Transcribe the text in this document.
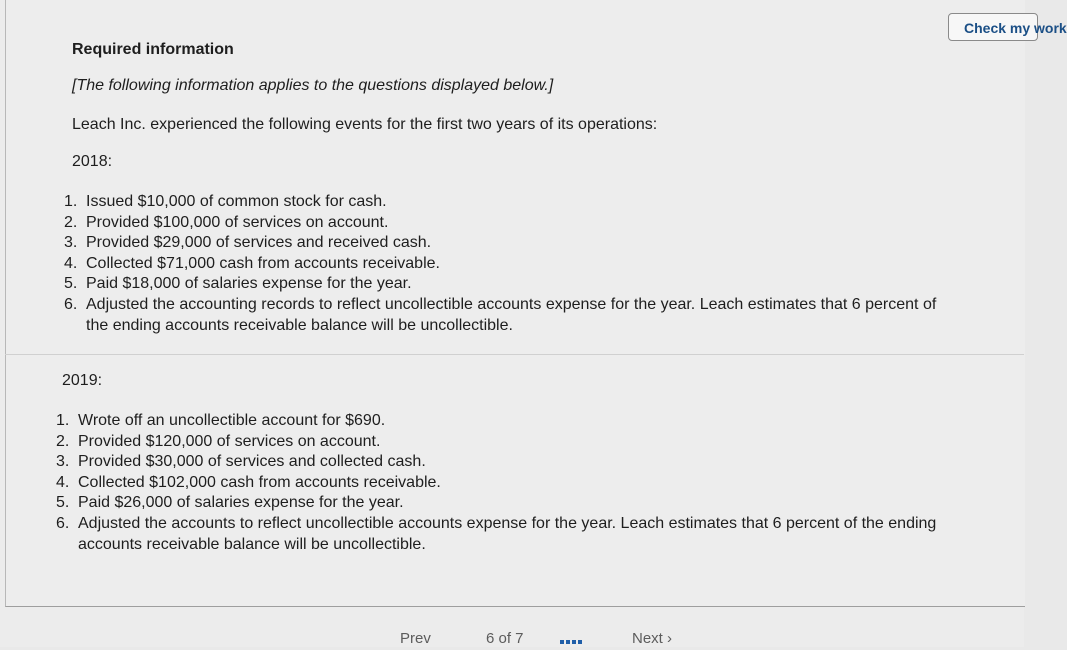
Check my work
Required information
[The following information applies to the questions displayed below.]
Leach Inc. experienced the following events for the first two years of its operations:
2018:
1. Issued $10,000 of common stock for cash.
2. Provided $100,000 of services on account.
3. Provided $29,000 of services and received cash.
4. Collected $71,000 cash from accounts receivable.
5. Paid $18,000 of salaries expense for the year.
6. Adjusted the accounting records to reflect uncollectible accounts expense for the year. Leach estimates that 6 percent of the ending accounts receivable balance will be uncollectible.
2019:
1. Wrote off an uncollectible account for $690.
2. Provided $120,000 of services on account.
3. Provided $30,000 of services and collected cash.
4. Collected $102,000 cash from accounts receivable.
5. Paid $26,000 of salaries expense for the year.
6. Adjusted the accounts to reflect uncollectible accounts expense for the year. Leach estimates that 6 percent of the ending accounts receivable balance will be uncollectible.
Prev	6 of 7	Next ›
